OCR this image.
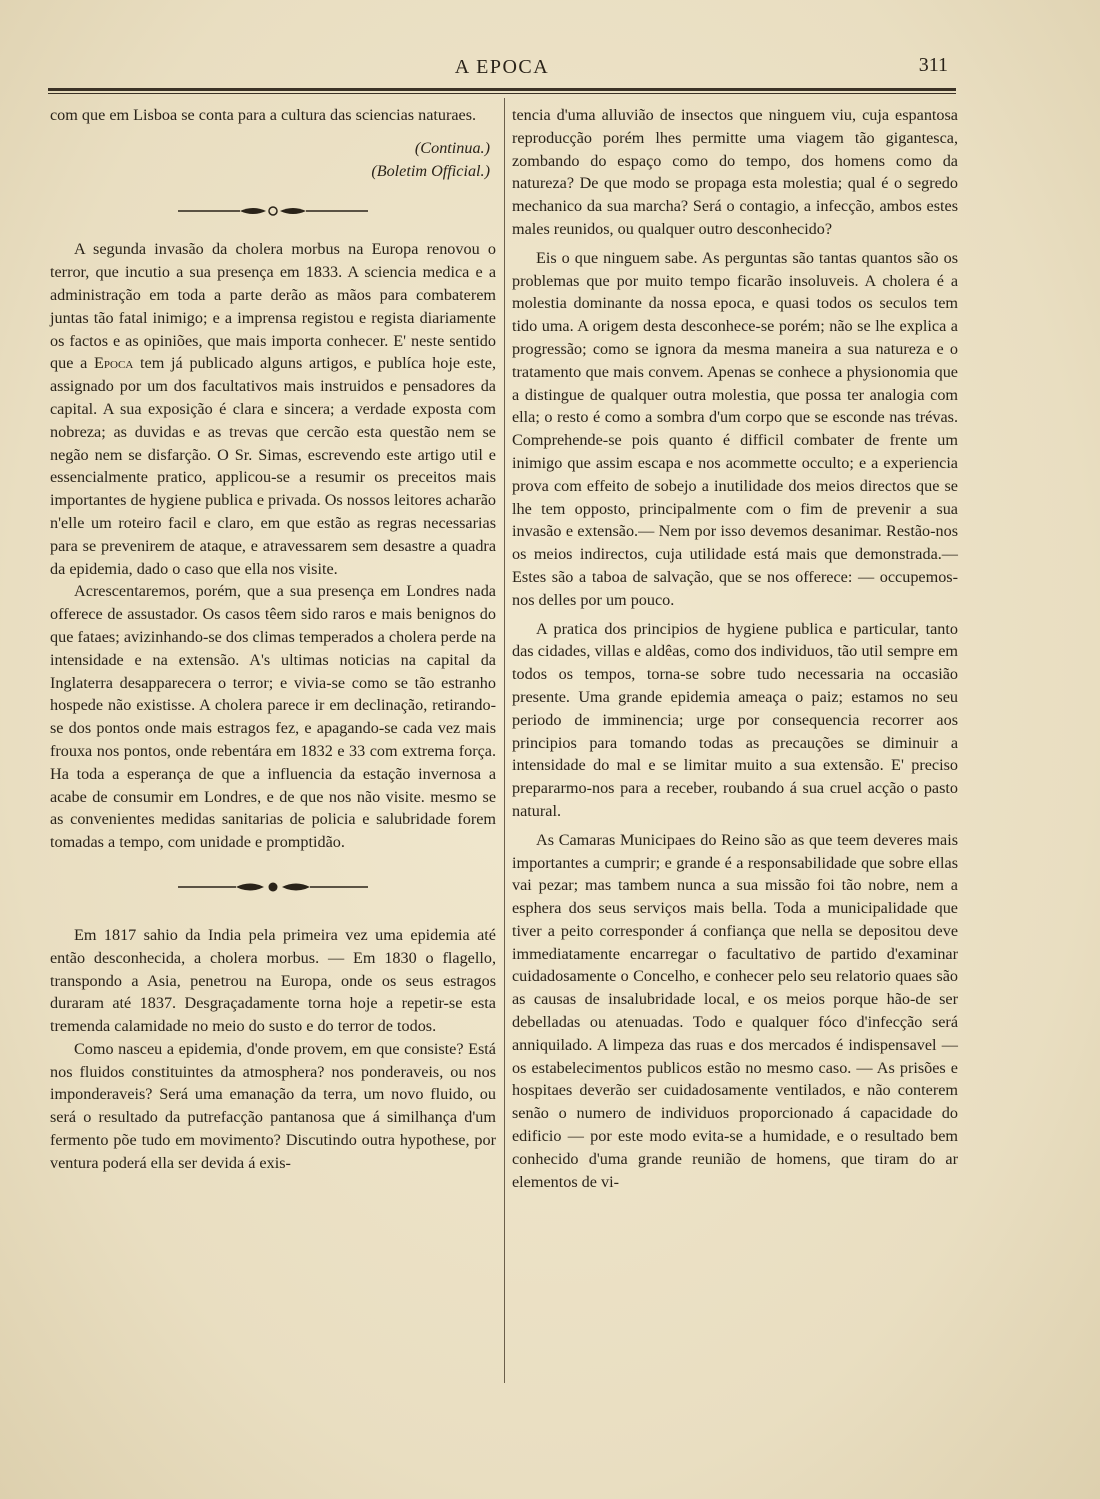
A EPOCA	311

com que em Lisboa se conta para a cultura das sciencias naturaes.

(Continua.)

(Boletim Official.)

A segunda invasão da cholera morbus na Europa renovou o terror, que incutio a sua presença em 1833. A sciencia medica e a administração em toda a parte derão as mãos para combaterem juntas tão fatal inimigo; e a imprensa registou e regista diariamente os factos e as opiniões, que mais importa conhecer. E' neste sentido que a Epoca tem já publicado alguns artigos, e publíca hoje este, assignado por um dos facultativos mais instruidos e pensadores da capital. A sua exposição é clara e sincera; a verdade exposta com nobreza; as duvidas e as trevas que cercão esta questão nem se negão nem se disfarção. O Sr. Simas, escrevendo este artigo util e essencialmente pratico, applicou-se a resumir os preceitos mais importantes de hygiene publica e privada. Os nossos leitores acharão n'elle um roteiro facil e claro, em que estão as regras necessarias para se prevenirem de ataque, e atravessarem sem desastre a quadra da epidemia, dado o caso que ella nos visite.

Acrescentaremos, porém, que a sua presença em Londres nada offerece de assustador. Os casos têem sido raros e mais benignos do que fataes; avizinhando-se dos climas temperados a cholera perde na intensidade e na extensão. A's ultimas noticias na capital da Inglaterra desapparecera o terror; e vivia-se como se tão estranho hospede não existisse. A cholera parece ir em declinação, retirando-se dos pontos onde mais estragos fez, e apagando-se cada vez mais frouxa nos pontos, onde rebentára em 1832 e 33 com extrema força. Ha toda a esperança de que a influencia da estação invernosa a acabe de consumir em Londres, e de que nos não visite. mesmo se as convenientes medidas sanitarias de policia e salubridade forem tomadas a tempo, com unidade e promptidão.

Em 1817 sahio da India pela primeira vez uma epidemia até então desconhecida, a cholera morbus. — Em 1830 o flagello, transpondo a Asia, penetrou na Europa, onde os seus estragos duraram até 1837. Desgraçadamente torna hoje a repetir-se esta tremenda calamidade no meio do susto e do terror de todos.

Como nasceu a epidemia, d'onde provem, em que consiste? Está nos fluidos constituintes da atmosphera? nos ponderaveis, ou nos imponderaveis? Será uma emanação da terra, um novo fluido, ou será o resultado da putrefacção pantanosa que á similhança d'um fermento põe tudo em movimento? Discutindo outra hypothese, por ventura poderá ella ser devida á exis-

tencia d'uma alluvião de insectos que ninguem viu, cuja espantosa reproducção porém lhes permitte uma viagem tão gigantesca, zombando do espaço como do tempo, dos homens como da natureza? De que modo se propaga esta molestia; qual é o segredo mechanico da sua marcha? Será o contagio, a infecção, ambos estes males reunidos, ou qualquer outro desconhecido?

Eis o que ninguem sabe. As perguntas são tantas quantos são os problemas que por muito tempo ficarão insoluveis. A cholera é a molestia dominante da nossa epoca, e quasi todos os seculos tem tido uma. A origem desta desconhece-se porém; não se lhe explica a progressão; como se ignora da mesma maneira a sua natureza e o tratamento que mais convem. Apenas se conhece a physionomia que a distingue de qualquer outra molestia, que possa ter analogia com ella; o resto é como a sombra d'um corpo que se esconde nas trévas. Comprehende-se pois quanto é difficil combater de frente um inimigo que assim escapa e nos acommette occulto; e a experiencia prova com effeito de sobejo a inutilidade dos meios directos que se lhe tem opposto, principalmente com o fim de prevenir a sua invasão e extensão.— Nem por isso devemos desanimar. Restão-nos os meios indirectos, cuja utilidade está mais que demonstrada.— Estes são a taboa de salvação, que se nos offerece: — occupemos-nos delles por um pouco.

A pratica dos principios de hygiene publica e particular, tanto das cidades, villas e aldêas, como dos individuos, tão util sempre em todos os tempos, torna-se sobre tudo necessaria na occasião presente. Uma grande epidemia ameaça o paiz; estamos no seu periodo de imminencia; urge por consequencia recorrer aos principios para tomando todas as precauções se diminuir a intensidade do mal e se limitar muito a sua extensão. E' preciso prepararmo-nos para a receber, roubando á sua cruel acção o pasto natural.

As Camaras Municipaes do Reino são as que teem deveres mais importantes a cumprir; e grande é a responsabilidade que sobre ellas vai pezar; mas tambem nunca a sua missão foi tão nobre, nem a esphera dos seus serviços mais bella. Toda a municipalidade que tiver a peito corresponder á confiança que nella se depositou deve immediatamente encarregar o facultativo de partido d'examinar cuidadosamente o Concelho, e conhecer pelo seu relatorio quaes são as causas de insalubridade local, e os meios porque hão-de ser debelladas ou atenuadas. Todo e qualquer fóco d'infecção será anniquilado. A limpeza das ruas e dos mercados é indispensavel — os estabelecimentos publicos estão no mesmo caso. — As prisões e hospitaes deverão ser cuidadosamente ventilados, e não conterem senão o numero de individuos proporcionado á capacidade do edificio — por este modo evita-se a humidade, e o resultado bem conhecido d'uma grande reunião de homens, que tiram do ar elementos de vi-
